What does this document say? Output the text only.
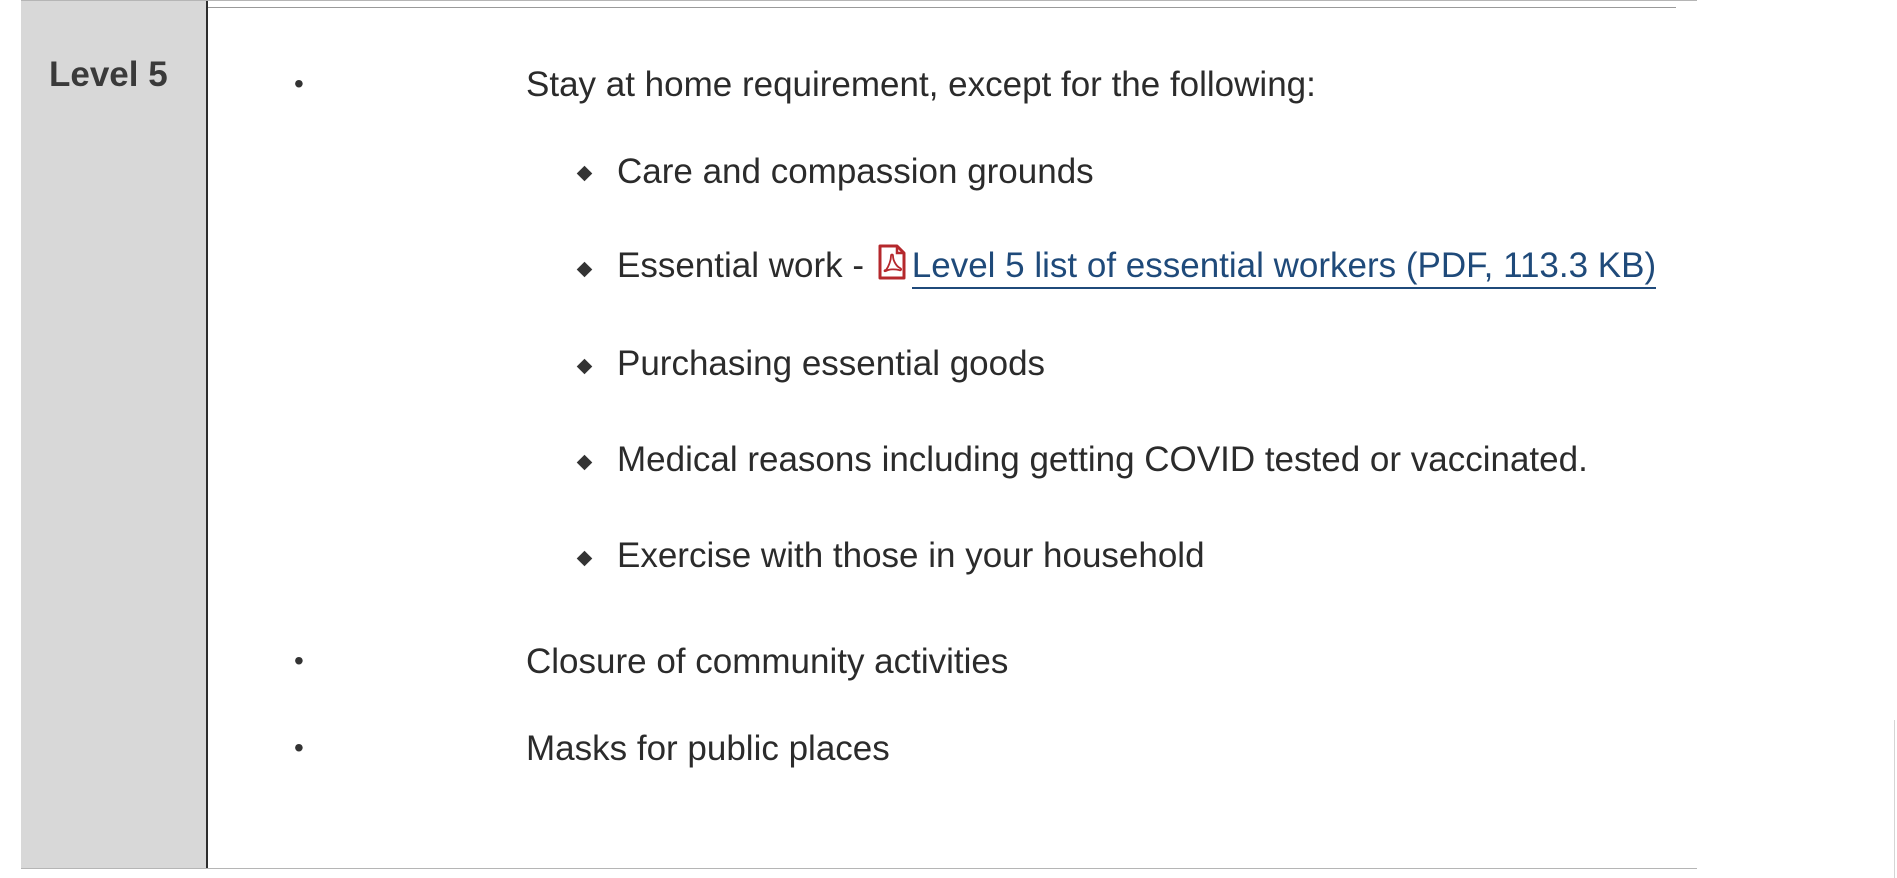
Level 5	•	Stay at home requirement, except for the following:
Care and compassion grounds
Essential work - Level 5 list of essential workers (PDF, 113.3 KB)
Purchasing essential goods
Medical reasons including getting COVID tested or vaccinated.
Exercise with those in your household
•	Closure of community activities
•	Masks for public places
